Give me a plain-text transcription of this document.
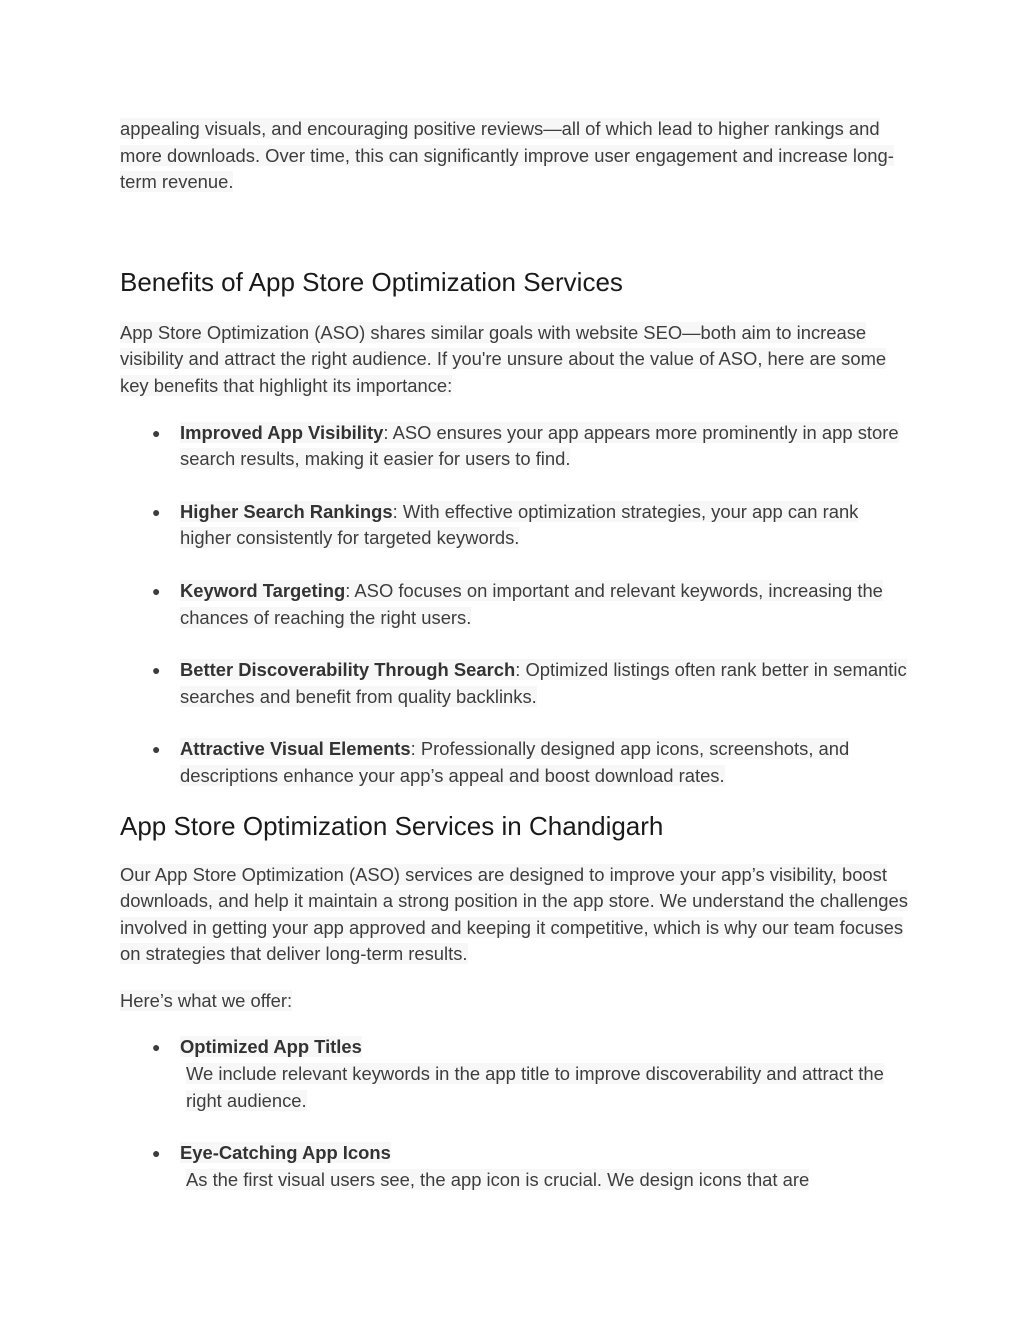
appealing visuals, and encouraging positive reviews—all of which lead to higher rankings and more downloads. Over time, this can significantly improve user engagement and increase long-term revenue.

Benefits of App Store Optimization Services

App Store Optimization (ASO) shares similar goals with website SEO—both aim to increase visibility and attract the right audience. If you're unsure about the value of ASO, here are some key benefits that highlight its importance:

● Improved App Visibility: ASO ensures your app appears more prominently in app store search results, making it easier for users to find.
● Higher Search Rankings: With effective optimization strategies, your app can rank higher consistently for targeted keywords.
● Keyword Targeting: ASO focuses on important and relevant keywords, increasing the chances of reaching the right users.
● Better Discoverability Through Search: Optimized listings often rank better in semantic searches and benefit from quality backlinks.
● Attractive Visual Elements: Professionally designed app icons, screenshots, and descriptions enhance your app’s appeal and boost download rates.
App Store Optimization Services in Chandigarh

Our App Store Optimization (ASO) services are designed to improve your app’s visibility, boost downloads, and help it maintain a strong position in the app store. We understand the challenges involved in getting your app approved and keeping it competitive, which is why our team focuses on strategies that deliver long-term results.

Here’s what we offer:

● Optimized App Titles
We include relevant keywords in the app title to improve discoverability and attract the right audience.
● Eye-Catching App Icons
As the first visual users see, the app icon is crucial. We design icons that are
